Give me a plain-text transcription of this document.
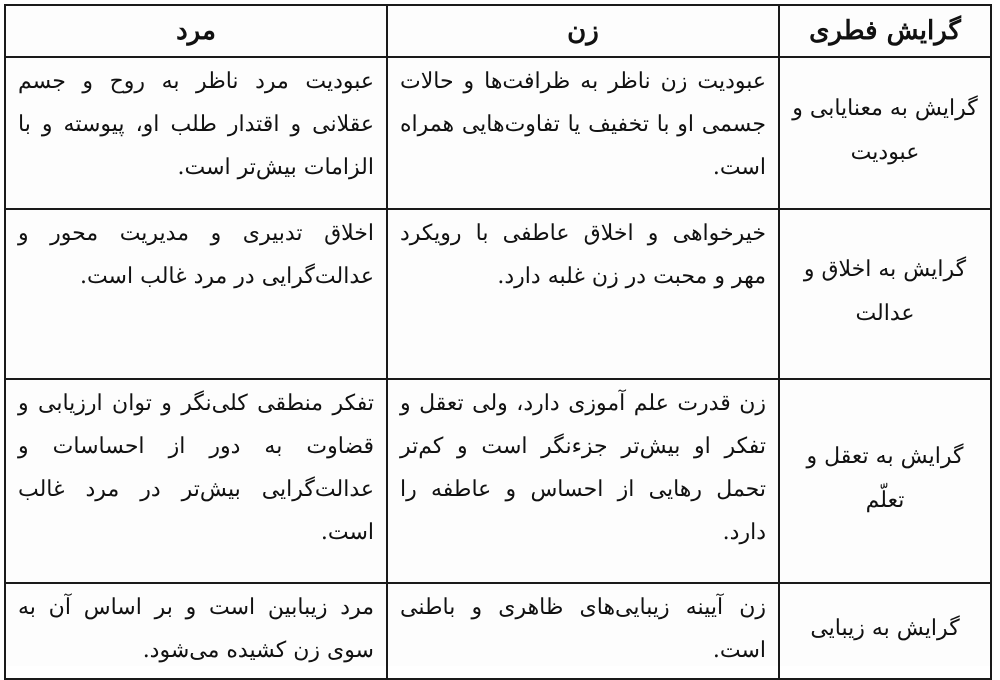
گرایش فطری	زن	مرد
گرایش به معنایابی و عبودیت	عبودیت زن ناظر به ظرافت‌ها و حالات جسمی او با تخفیف یا تفاوت‌هایی همراه است.	عبودیت مرد ناظر به روح و جسم عقلانی و اقتدار طلب او، پیوسته و با الزامات بیش‌تر است.
گرایش به اخلاق و عدالت	خیرخواهی و اخلاق عاطفی با رویکرد مهر و محبت در زن غلبه دارد.	اخلاق تدبیری و مدیریت محور و عدالت‌گرایی در مرد غالب است.
گرایش به تعقل و تعلّم	زن قدرت علم آموزی دارد، ولی تعقل و تفکر او بیش‌تر جزءنگر است و کم‌تر تحمل رهایی از احساس و عاطفه را دارد.	تفکر منطقی کلی‌نگر و توان ارزیابی و قضاوت به دور از احساسات و عدالت‌گرایی بیش‌تر در مرد غالب است.
گرایش به زیبایی	زن آیینه زیبایی‌های ظاهری و باطنی است.	مرد زیبابین است و بر اساس آن به سوی زن کشیده می‌شود.
